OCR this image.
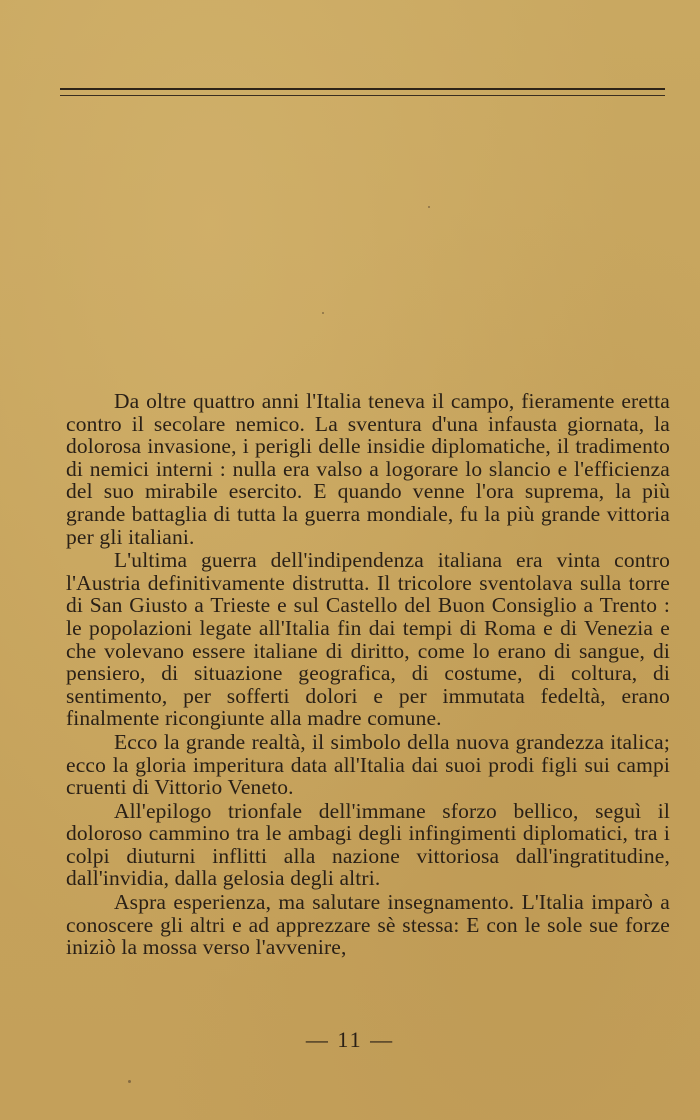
Da oltre quattro anni l'Italia teneva il campo, fieramente eretta contro il secolare nemico. La sventura d'una infausta giornata, la dolorosa invasione, i perigli delle insidie diplomatiche, il tradimento di nemici interni : nulla era valso a logorare lo slancio e l'efficienza del suo mirabile esercito. E quando venne l'ora suprema, la più grande battaglia di tutta la guerra mondiale, fu la più grande vittoria per gli italiani.

L'ultima guerra dell'indipendenza italiana era vinta contro l'Austria definitivamente distrutta. Il tricolore sventolava sulla torre di San Giusto a Trieste e sul Castello del Buon Consiglio a Trento : le popolazioni legate all'Italia fin dai tempi di Roma e di Venezia e che volevano essere italiane di diritto, come lo erano di sangue, di pensiero, di situazione geografica, di costume, di coltura, di sentimento, per sofferti dolori e per immutata fedeltà, erano finalmente ricongiunte alla madre comune.

Ecco la grande realtà, il simbolo della nuova grandezza italica; ecco la gloria imperitura data all'Italia dai suoi prodi figli sui campi cruenti di Vittorio Veneto.

All'epilogo trionfale dell'immane sforzo bellico, seguì il doloroso cammino tra le ambagi degli infingimenti diplomatici, tra i colpi diuturni inflitti alla nazione vittoriosa dall'ingratitudine, dall'invidia, dalla gelosia degli altri.

Aspra esperienza, ma salutare insegnamento. L'Italia imparò a conoscere gli altri e ad apprezzare sè stessa: E con le sole sue forze iniziò la mossa verso l'avvenire,

— 11 —
